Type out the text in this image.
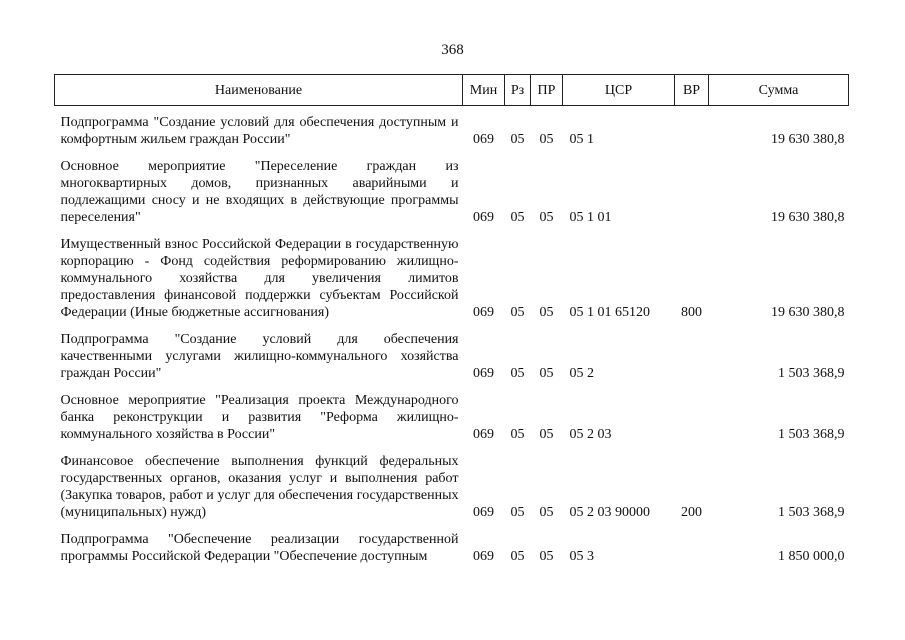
368
Наименование	Мин	Рз	ПР	ЦСР	ВР	Сумма

Подпрограмма "Создание условий для обеспечения доступным и комфортным жильем граждан России"	069	05	05	05 1		19 630 380,8

Основное мероприятие "Переселение граждан из многоквартирных домов, признанных аварийными и подлежащими сносу и не входящих в действующие программы переселения"	069	05	05	05 1 01		19 630 380,8

Имущественный взнос Российской Федерации в государственную корпорацию - Фонд содействия реформированию жилищно-коммунального хозяйства для увеличения лимитов предоставления финансовой поддержки субъектам Российской Федерации (Иные бюджетные ассигнования)	069	05	05	05 1 01 65120	800	19 630 380,8

Подпрограмма "Создание условий для обеспечения качественными услугами жилищно-коммунального хозяйства граждан России"	069	05	05	05 2		1 503 368,9

Основное мероприятие "Реализация проекта Международного банка реконструкции и развития "Реформа жилищно-коммунального хозяйства в России"	069	05	05	05 2 03		1 503 368,9

Финансовое обеспечение выполнения функций федеральных государственных органов, оказания услуг и выполнения работ (Закупка товаров, работ и услуг для обеспечения государственных (муниципальных) нужд)	069	05	05	05 2 03 90000	200	1 503 368,9

Подпрограмма "Обеспечение реализации государственной программы Российской Федерации "Обеспечение доступным	069	05	05	05 3		1 850 000,0
